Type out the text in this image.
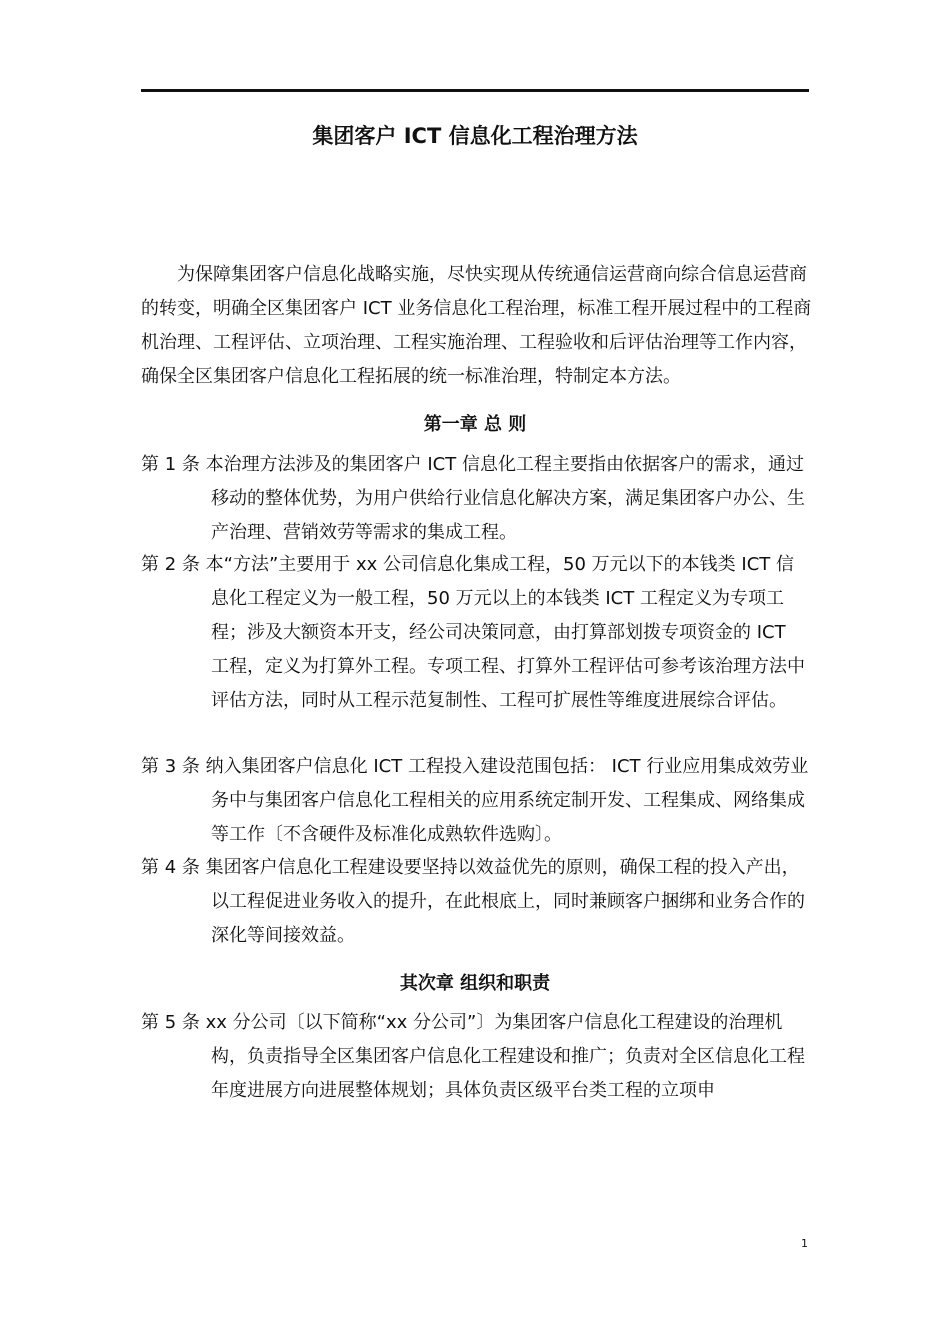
集团客户 ICT 信息化工程治理方法

为保障集团客户信息化战略实施，尽快实现从传统通信运营商向综合信息运营商的转变，明确全区集团客户 ICT 业务信息化工程治理，标准工程开展过程中的工程商机治理、工程评估、立项治理、工程实施治理、工程验收和后评估治理等工作内容，确保全区集团客户信息化工程拓展的统一标准治理，特制定本方法。

第一章 总 则

第 1 条 本治理方法涉及的集团客户 ICT 信息化工程主要指由依据客户的需求，通过移动的整体优势，为用户供给行业信息化解决方案，满足集团客户办公、生产治理、营销效劳等需求的集成工程。

第 2 条 本“方法”主要用于 xx 公司信息化集成工程，50 万元以下的本钱类 ICT 信息化工程定义为一般工程，50 万元以上的本钱类 ICT 工程定义为专项工程；涉及大额资本开支，经公司决策同意，由打算部划拨专项资金的 ICT 工程，定义为打算外工程。专项工程、打算外工程评估可参考该治理方法中评估方法，同时从工程示范复制性、工程可扩展性等维度进展综合评估。

第 3 条 纳入集团客户信息化 ICT 工程投入建设范围包括： ICT 行业应用集成效劳业务中与集团客户信息化工程相关的应用系统定制开发、工程集成、网络集成等工作〔不含硬件及标准化成熟软件选购〕。

第 4 条 集团客户信息化工程建设要坚持以效益优先的原则，确保工程的投入产出，以工程促进业务收入的提升，在此根底上，同时兼顾客户捆绑和业务合作的深化等间接效益。

其次章 组织和职责

第 5 条 xx 分公司〔以下简称“xx 分公司”〕为集团客户信息化工程建设的治理机构，负责指导全区集团客户信息化工程建设和推广；负责对全区信息化工程年度进展方向进展整体规划；具体负责区级平台类工程的立项申

1
